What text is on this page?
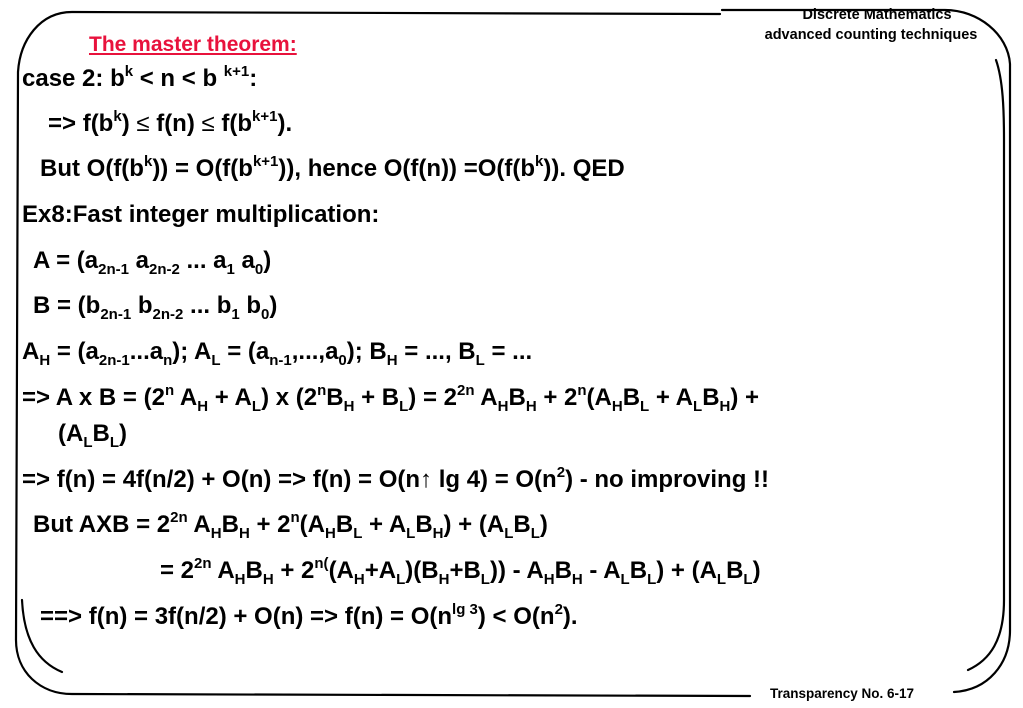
Discrete Mathematics
advanced counting techniques
The master theorem:
case 2: $b^k < n < b$ $^{k+1}$:
=> $f(b^k) \le f(n) \le f(b^{k+1})$.
But $O(f(b^k)) = O(f(b^{k+1}))$, hence $O(f(n)) =O(f(b^k))$. QED
Ex8:Fast integer multiplication:
$A = (a_{2n-1}$ $a_{2n-2}$ ... $a_1$ $a_0$)
$B = (b_{2n-1}$ $b_{2n-2}$ ... $b_1$ $b_0$)
$A_H = (a_{2n-1}...a_n)$; $A_L = (a_{n-1},...,a_0)$; $B_H$ = ..., $B_L$ = ...
=> A x $B = (2^n$ $A_H + A_L$) x $(2^nB_H + B_L) = 2^{2n}$ $A_HB_H + 2^n(A_HB_L + A_LB_H)$ +
$(A_LB_L)$
=> f(n) = 4f(n/2) + O(n) => f(n) = O(n↑ $\lg 4) = O(n^2)$ - no improving !!
But AXB = $2^{2n}$ $A_HB_H + 2^n(A_HB_L + A_LB_H) + (A_LB_L)$
= $2^{2n}$ $A_HB_H + 2^{n(}(A_H+A_L)(B_H+B_L)) - A_HB_H - A_LB_L) + (A_LB_L)$
==> $f(n) = 3f(n/2) + O(n) => f(n) = O(n^{lg 3}) < O(n^2)$.
Transparency No. 6-17
